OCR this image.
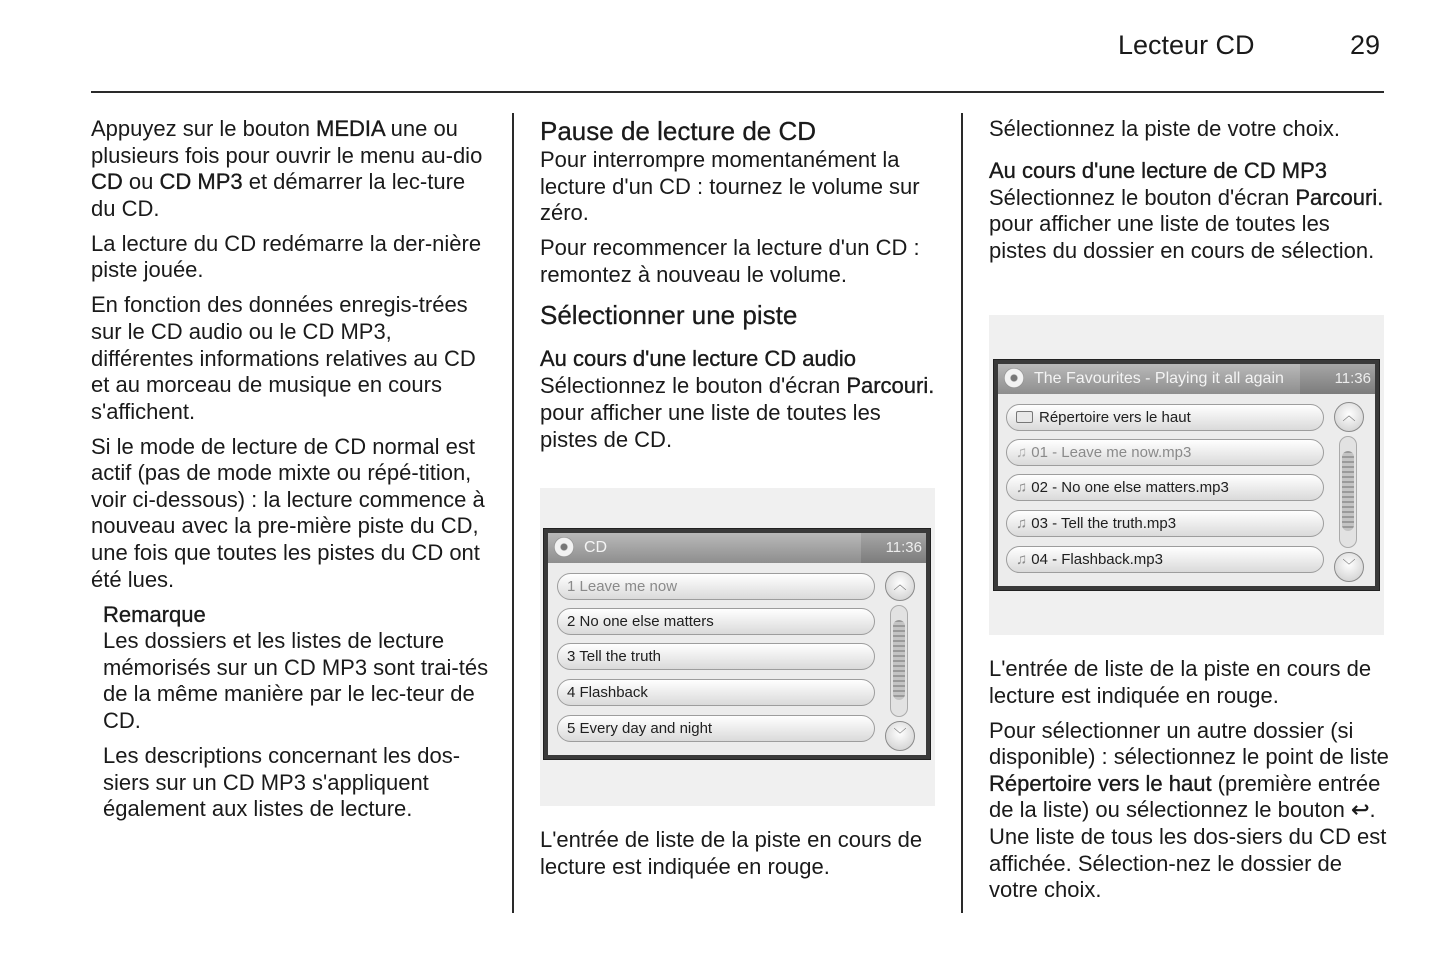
Lecteur CD	29

Appuyez sur le bouton MEDIA une ou plusieurs fois pour ouvrir le menu au-dio CD ou CD MP3 et démarrer la lec-ture du CD.

La lecture du CD redémarre la der-nière piste jouée.

En fonction des données enregis-trées sur le CD audio ou le CD MP3, différentes informations relatives au CD et au morceau de musique en cours s'affichent.

Si le mode de lecture de CD normal est actif (pas de mode mixte ou répé-tition, voir ci-dessous) : la lecture commence à nouveau avec la pre-mière piste du CD, une fois que toutes les pistes du CD ont été lues.

Remarque

Les dossiers et les listes de lecture mémorisés sur un CD MP3 sont trai-tés de la même manière par le lec-teur de CD.

Les descriptions concernant les dos-siers sur un CD MP3 s'appliquent également aux listes de lecture.

Pause de lecture de CD

Pour interrompre momentanément la lecture d'un CD : tournez le volume sur zéro.

Pour recommencer la lecture d'un CD : remontez à nouveau le volume.

Sélectionner une piste
Au cours d'une lecture CD audio

Sélectionnez le bouton d'écran Parcouri. pour afficher une liste de toutes les pistes de CD.

CD	11:36
1 Leave me now
2 No one else matters
3 Tell the truth
4 Flashback
5 Every day and night
︿
﹀

L'entrée de liste de la piste en cours de lecture est indiquée en rouge.

Sélectionnez la piste de votre choix.

Au cours d'une lecture de CD MP3

Sélectionnez le bouton d'écran Parcouri. pour afficher une liste de toutes les pistes du dossier en cours de sélection.

The Favourites - Playing it all again	11:36
Répertoire vers le haut
♫ 01 - Leave me now.mp3
♫ 02 - No one else matters.mp3
♫ 03 - Tell the truth.mp3
♫ 04 - Flashback.mp3
︿
﹀

L'entrée de liste de la piste en cours de lecture est indiquée en rouge.

Pour sélectionner un autre dossier (si disponible) : sélectionnez le point de liste Répertoire vers le haut (première entrée de la liste) ou sélectionnez le bouton ↩. Une liste de tous les dos-siers du CD est affichée. Sélection-nez le dossier de votre choix.
